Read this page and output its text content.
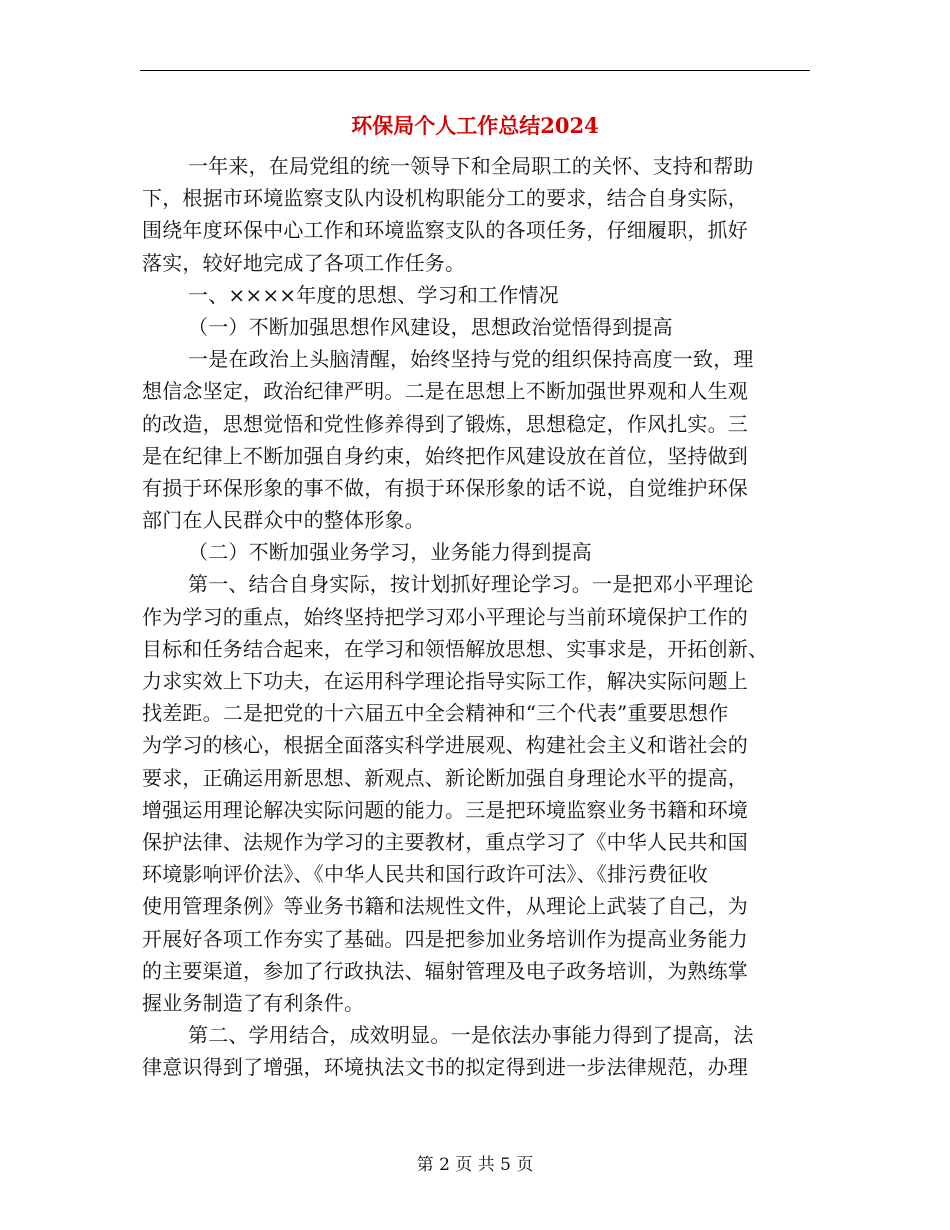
环保局个人工作总结2024
一年来，在局党组的统一领导下和全局职工的关怀、支持和帮助
下，根据市环境监察支队内设机构职能分工的要求，结合自身实际，
围绕年度环保中心工作和环境监察支队的各项任务，仔细履职，抓好
落实，较好地完成了各项工作任务。
一、××××年度的思想、学习和工作情况
（一）不断加强思想作风建设，思想政治觉悟得到提高
一是在政治上头脑清醒，始终坚持与党的组织保持高度一致，理
想信念坚定，政治纪律严明。二是在思想上不断加强世界观和人生观
的改造，思想觉悟和党性修养得到了锻炼，思想稳定，作风扎实。三
是在纪律上不断加强自身约束，始终把作风建设放在首位，坚持做到
有损于环保形象的事不做，有损于环保形象的话不说，自觉维护环保
部门在人民群众中的整体形象。
（二）不断加强业务学习，业务能力得到提高
第一、结合自身实际，按计划抓好理论学习。一是把邓小平理论
作为学习的重点，始终坚持把学习邓小平理论与当前环境保护工作的
目标和任务结合起来，在学习和领悟解放思想、实事求是，开拓创新、
力求实效上下功夫，在运用科学理论指导实际工作，解决实际问题上
找差距。二是把党的十六届五中全会精神和“三个代表”重要思想作
为学习的核心，根据全面落实科学进展观、构建社会主义和谐社会的
要求，正确运用新思想、新观点、新论断加强自身理论水平的提高，
增强运用理论解决实际问题的能力。三是把环境监察业务书籍和环境
保护法律、法规作为学习的主要教材，重点学习了《中华人民共和国
环境影响评价法》、《中华人民共和国行政许可法》、《排污费征收
使用管理条例》等业务书籍和法规性文件，从理论上武装了自己，为
开展好各项工作夯实了基础。四是把参加业务培训作为提高业务能力
的主要渠道，参加了行政执法、辐射管理及电子政务培训，为熟练掌
握业务制造了有利条件。
第二、学用结合，成效明显。一是依法办事能力得到了提高，法
律意识得到了增强，环境执法文书的拟定得到进一步法律规范，办理
第 2 页 共 5 页
